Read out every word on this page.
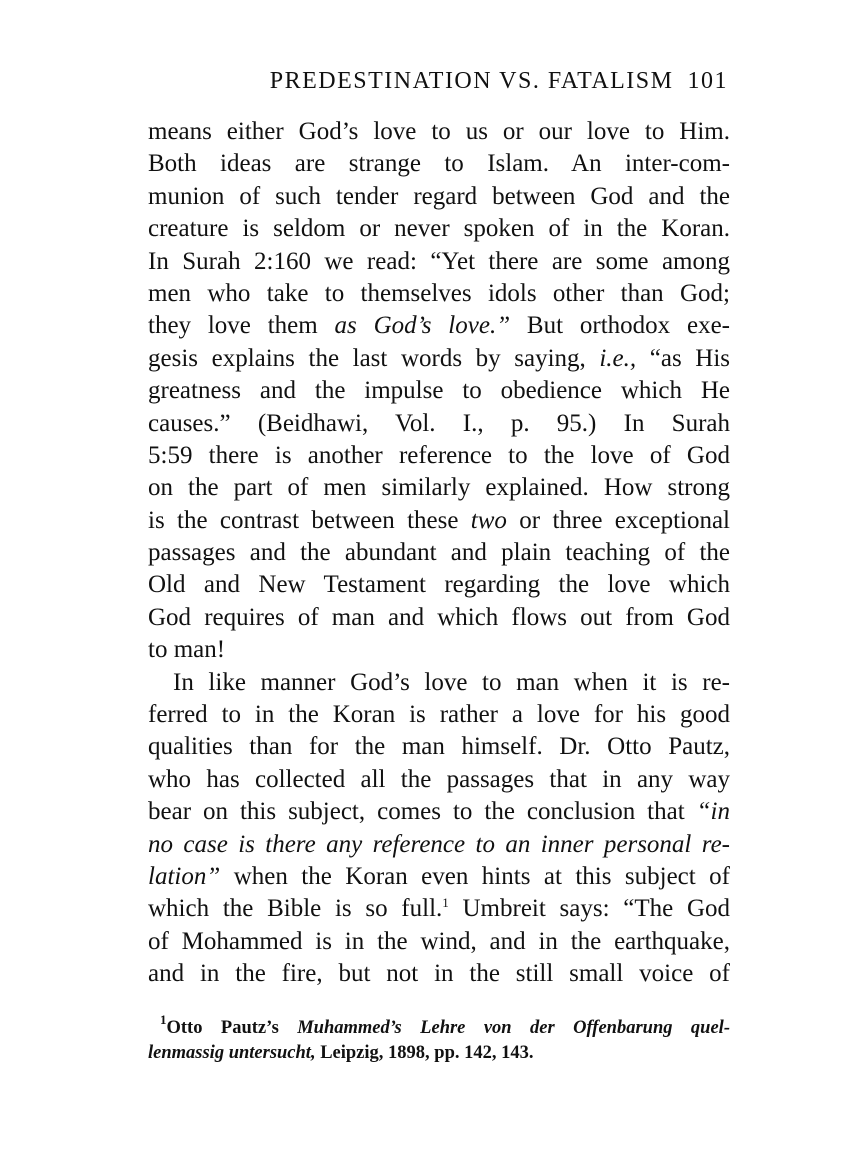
PREDESTINATION VS. FATALISM 101
means either God’s love to us or our love to Him.
Both ideas are strange to Islam. An inter-com-
munion of such tender regard between God and the
creature is seldom or never spoken of in the Koran.
In Surah 2:160 we read: “Yet there are some among
men who take to themselves idols other than God;
they love them as God’s love.” But orthodox exe-
gesis explains the last words by saying, i.e., “as His
greatness and the impulse to obedience which He
causes.” (Beidhawi, Vol. I., p. 95.) In Surah
5:59 there is another reference to the love of God
on the part of men similarly explained. How strong
is the contrast between these two or three exceptional
passages and the abundant and plain teaching of the
Old and New Testament regarding the love which
God requires of man and which flows out from God
to man!
In like manner God’s love to man when it is re-
ferred to in the Koran is rather a love for his good
qualities than for the man himself. Dr. Otto Pautz,
who has collected all the passages that in any way
bear on this subject, comes to the conclusion that “in
no case is there any reference to an inner personal re-
lation” when the Koran even hints at this subject of
which the Bible is so full.$^1$ Umbreit says: “The God
of Mohammed is in the wind, and in the earthquake,
and in the fire, but not in the still small voice of
$^1$Otto Pautz’s Muhammed’s Lehre von der Offenbarung quel-
lenmassig untersucht, Leipzig, 1898, pp. 142, 143.
